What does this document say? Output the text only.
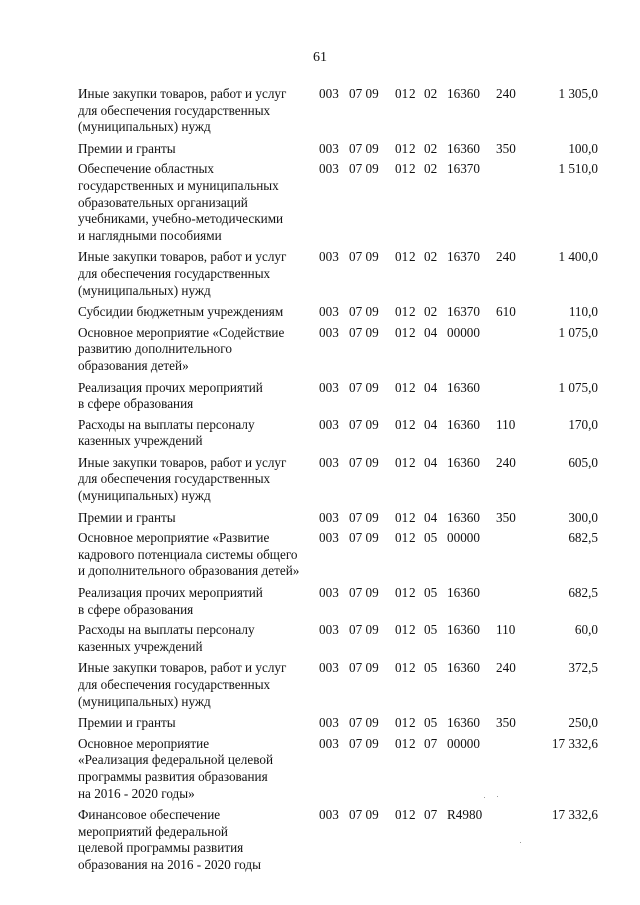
61
Иные закупки товаров, работ и услуг
для обеспечения государственных
(муниципальных) нужд
003 07 09 01 2 02 16360 240	1 305,0
Премии и гранты	003 07 09 01 2 02 16360 350	100,0
Обеспечение областных
государственных и муниципальных
образовательных организаций
учебниками, учебно-методическими
и наглядными пособиями
003 07 09 01 2 02 16370	1 510,0
Иные закупки товаров, работ и услуг
для обеспечения государственных
(муниципальных) нужд
003 07 09 01 2 02 16370 240	1 400,0
Субсидии бюджетным учреждениям	003 07 09 01 2 02 16370 610	110,0
Основное мероприятие «Содействие
развитию дополнительного
образования детей»
003 07 09 01 2 04 00000	1 075,0
Реализация прочих мероприятий
в сфере образования
003 07 09 01 2 04 16360	1 075,0
Расходы на выплаты персоналу
казенных учреждений
003 07 09 01 2 04 16360 110	170,0
Иные закупки товаров, работ и услуг
для обеспечения государственных
(муниципальных) нужд
003 07 09 01 2 04 16360 240	605,0
Премии и гранты	003 07 09 01 2 04 16360 350	300,0
Основное мероприятие «Развитие
кадрового потенциала системы общего
и дополнительного образования детей»
003 07 09 01 2 05 00000	682,5
Реализация прочих мероприятий
в сфере образования
003 07 09 01 2 05 16360	682,5
Расходы на выплаты персоналу
казенных учреждений
003 07 09 01 2 05 16360 110	60,0
Иные закупки товаров, работ и услуг
для обеспечения государственных
(муниципальных) нужд
003 07 09 01 2 05 16360 240	372,5
Премии и гранты	003 07 09 01 2 05 16360 350	250,0
Основное мероприятие
«Реализация федеральной целевой
программы развития образования
на 2016 - 2020 годы»
003 07 09 01 2 07 00000	17 332,6
Финансовое обеспечение
мероприятий федеральной
целевой программы развития
образования на 2016 - 2020 годы
003 07 09 01 2 07 R4980	17 332,6
